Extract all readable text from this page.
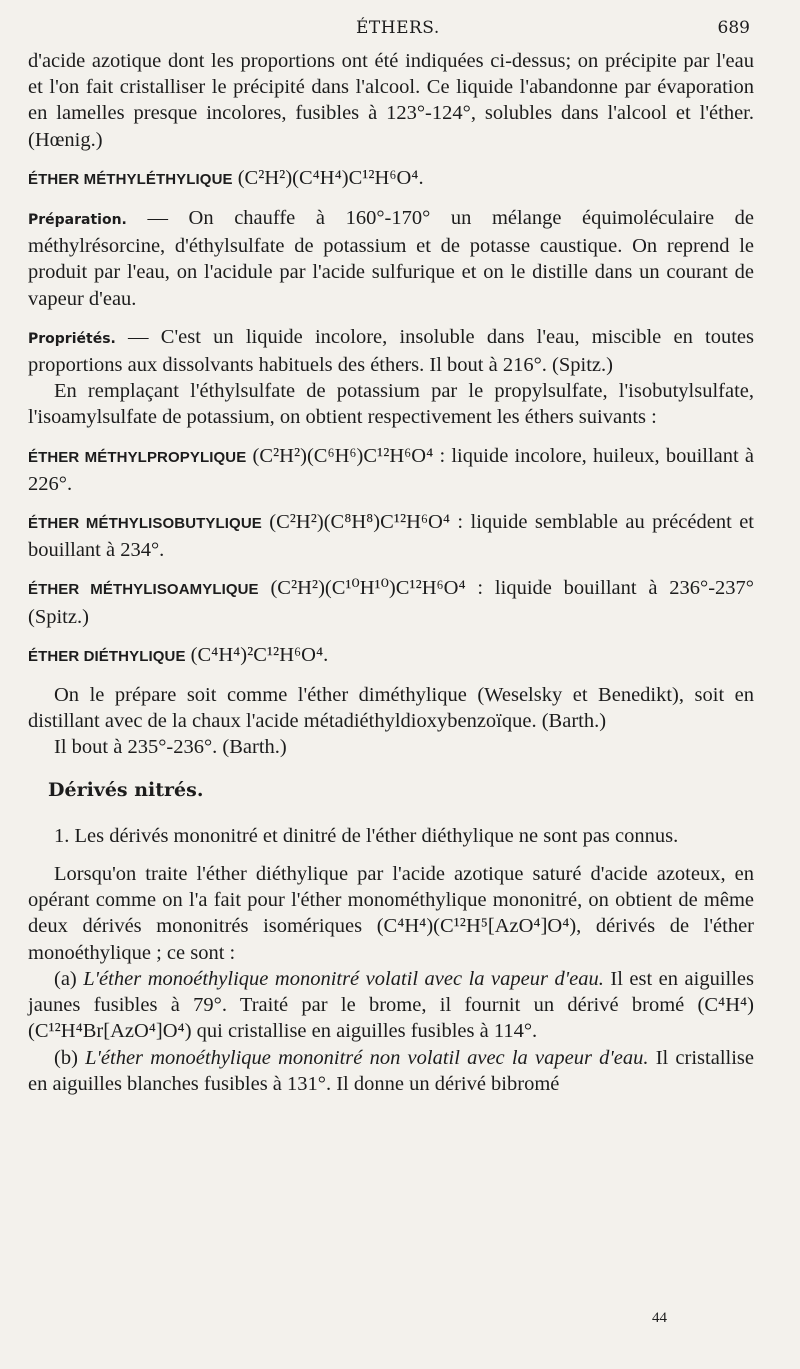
ÉTHERS.	689

d'acide azotique dont les proportions ont été indiquées ci-dessus; on précipite par l'eau et l'on fait cristalliser le précipité dans l'alcool. Ce liquide l'abandonne par évaporation en lamelles presque incolores, fusibles à 123°-124°, solubles dans l'alcool et l'éther. (Hœnig.)

ÉTHER MÉTHYLÉTHYLIQUE (C²H²)(C⁴H⁴)C¹²H⁶O⁴.

Préparation. — On chauffe à 160°-170° un mélange équimoléculaire de méthylrésorcine, d'éthylsulfate de potassium et de potasse caustique. On reprend le produit par l'eau, on l'acidule par l'acide sulfurique et on le distille dans un courant de vapeur d'eau.

Propriétés. — C'est un liquide incolore, insoluble dans l'eau, miscible en toutes proportions aux dissolvants habituels des éthers. Il bout à 216°. (Spitz.)

En remplaçant l'éthylsulfate de potassium par le propylsulfate, l'isobutylsulfate, l'isoamylsulfate de potassium, on obtient respectivement les éthers suivants :

ÉTHER MÉTHYLPROPYLIQUE (C²H²)(C⁶H⁶)C¹²H⁶O⁴ : liquide incolore, huileux, bouillant à 226°.

ÉTHER MÉTHYLISOBUTYLIQUE (C²H²)(C⁸H⁸)C¹²H⁶O⁴ : liquide semblable au précédent et bouillant à 234°.

ÉTHER MÉTHYLISOAMYLIQUE (C²H²)(C¹⁰H¹⁰)C¹²H⁶O⁴ : liquide bouillant à 236°-237° (Spitz.)

ÉTHER DIÉTHYLIQUE (C⁴H⁴)²C¹²H⁶O⁴.

On le prépare soit comme l'éther diméthylique (Weselsky et Benedikt), soit en distillant avec de la chaux l'acide métadiéthyldioxybenzoïque. (Barth.)

Il bout à 235°-236°. (Barth.)

Dérivés nitrés.

1. Les dérivés mononitré et dinitré de l'éther diéthylique ne sont pas connus.

Lorsqu'on traite l'éther diéthylique par l'acide azotique saturé d'acide azoteux, en opérant comme on l'a fait pour l'éther monométhylique mononitré, on obtient de même deux dérivés mononitrés isomériques (C⁴H⁴)(C¹²H⁵[AzO⁴]O⁴), dérivés de l'éther monoéthylique ; ce sont :

(a) L'éther monoéthylique mononitré volatil avec la vapeur d'eau. Il est en aiguilles jaunes fusibles à 79°. Traité par le brome, il fournit un dérivé bromé (C⁴H⁴)(C¹²H⁴Br[AzO⁴]O⁴) qui cristallise en aiguilles fusibles à 114°.

(b) L'éther monoéthylique mononitré non volatil avec la vapeur d'eau. Il cristallise en aiguilles blanches fusibles à 131°. Il donne un dérivé bibromé

44
